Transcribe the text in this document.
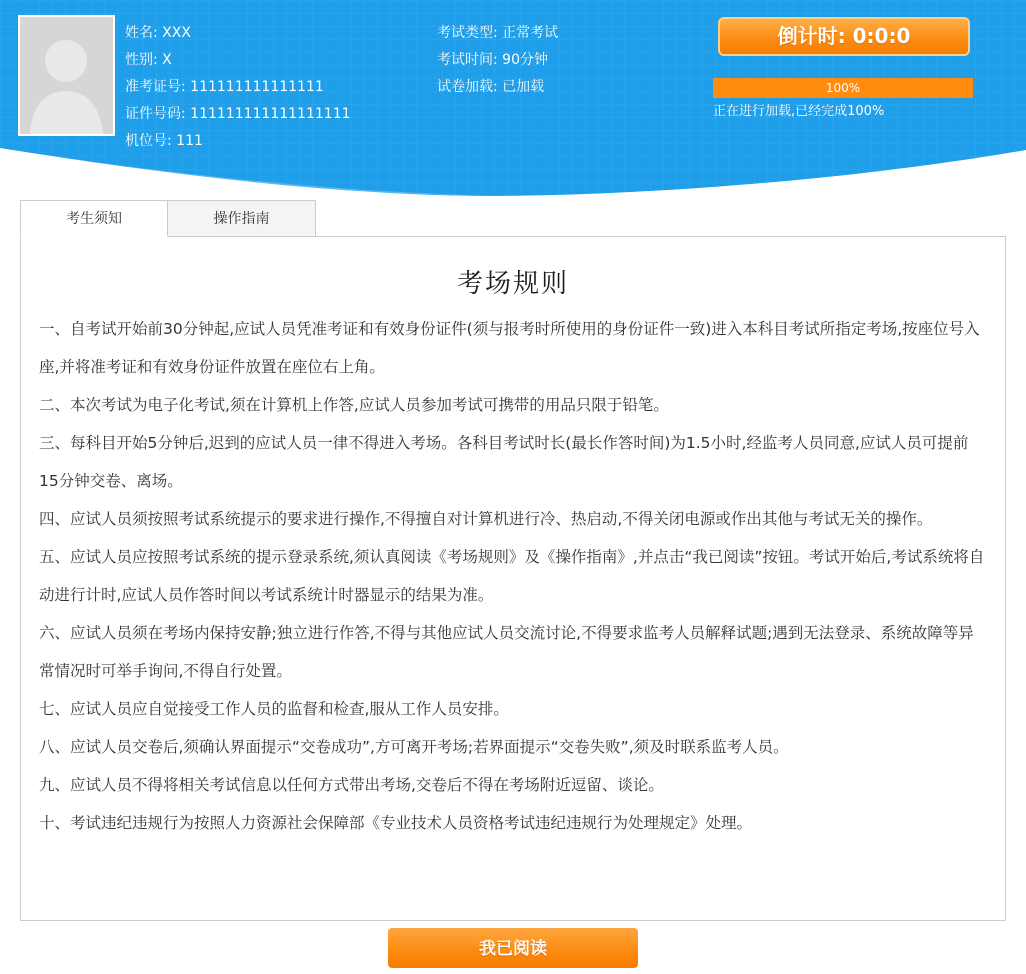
姓名: XXX
性别: X
准考证号: 111111111111111
证件号码: 111111111111111111
机位号: 111
考试类型: 正常考试
考试时间: 90分钟
试卷加载: 已加载
倒计时: 0:0:0
100%
正在进行加载,已经完成100%
考生须知	操作指南
考场规则

一、自考试开始前30分钟起,应试人员凭准考证和有效身份证件(须与报考时所使用的身份证件一致)进入本科目考试所指定考场,按座位号入座,并将准考证和有效身份证件放置在座位右上角。

二、本次考试为电子化考试,须在计算机上作答,应试人员参加考试可携带的用品只限于铅笔。

三、每科目开始5分钟后,迟到的应试人员一律不得进入考场。各科目考试时长(最长作答时间)为1.5小时,经监考人员同意,应试人员可提前15分钟交卷、离场。

四、应试人员须按照考试系统提示的要求进行操作,不得擅自对计算机进行冷、热启动,不得关闭电源或作出其他与考试无关的操作。

五、应试人员应按照考试系统的提示登录系统,须认真阅读《考场规则》及《操作指南》,并点击“我已阅读”按钮。考试开始后,考试系统将自动进行计时,应试人员作答时间以考试系统计时器显示的结果为准。

六、应试人员须在考场内保持安静;独立进行作答,不得与其他应试人员交流讨论,不得要求监考人员解释试题;遇到无法登录、系统故障等异常情况时可举手询问,不得自行处置。

七、应试人员应自觉接受工作人员的监督和检查,服从工作人员安排。

八、应试人员交卷后,须确认界面提示“交卷成功”,方可离开考场;若界面提示“交卷失败”,须及时联系监考人员。

九、应试人员不得将相关考试信息以任何方式带出考场,交卷后不得在考场附近逗留、谈论。

十、考试违纪违规行为按照人力资源社会保障部《专业技术人员资格考试违纪违规行为处理规定》处理。

我已阅读
